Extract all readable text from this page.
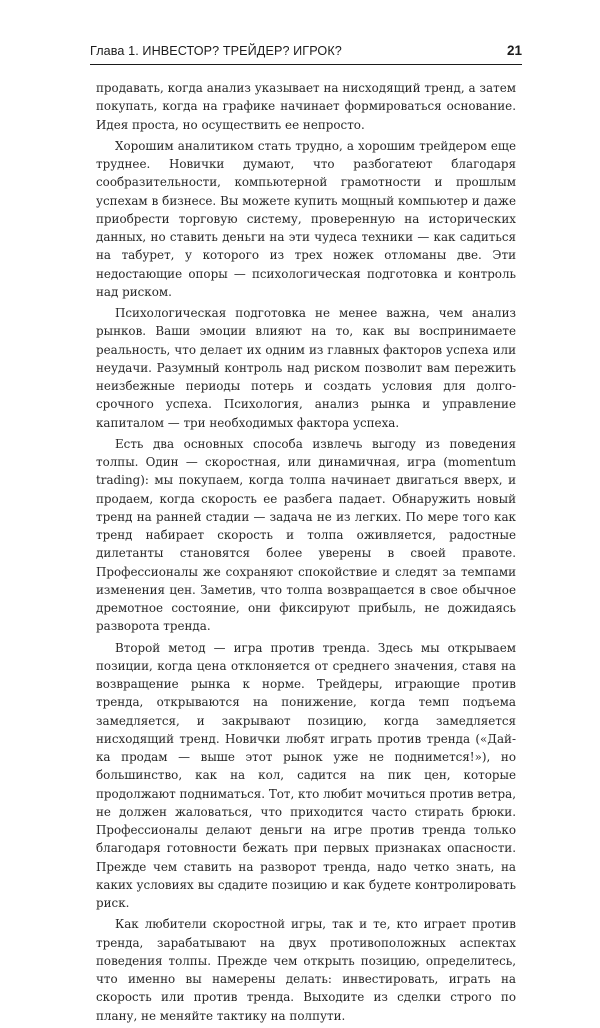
Глава 1. ИНВЕСТОР? ТРЕЙДЕР? ИГРОК?	21

продавать, когда анализ указывает на нисходящий тренд, а затем покупать, когда на графике начинает формироваться основание. Идея проста, но осуществить ее непросто.

Хорошим аналитиком стать трудно, а хорошим трейдером еще труднее. Новички думают, что разбогатеют благодаря сообразительности, компьютерной грамотности и прошлым успехам в бизнесе. Вы можете купить мощный компьютер и даже приобрести торговую систему, проверенную на исторических данных, но ставить деньги на эти чудеса техники — как садиться на табурет, у которого из трех ножек отломаны две. Эти недостающие опоры — психологическая подготовка и контроль над риском.

Психологическая подготовка не менее важна, чем анализ рынков. Ваши эмоции влияют на то, как вы воспринимаете реальность, что делает их одним из главных факторов успеха или неудачи. Разумный контроль над риском позволит вам пережить неизбежные периоды потерь и создать условия для долгосрочного успеха. Психология, анализ рынка и управление капиталом — три необходимых фактора успеха.

Есть два основных способа извлечь выгоду из поведения толпы. Один — скоростная, или динамичная, игра (momentum trading): мы покупаем, когда толпа начинает двигаться вверх, и продаем, когда скорость ее разбега падает. Обнаружить новый тренд на ранней стадии — задача не из легких. По мере того как тренд набирает скорость и толпа оживляется, радостные дилетанты становятся более уверены в своей правоте. Профессионалы же сохраняют спокойствие и следят за темпами изменения цен. Заметив, что толпа возвращается в свое обычное дремотное состояние, они фиксируют прибыль, не дожидаясь разворота тренда.

Второй метод — игра против тренда. Здесь мы открываем позиции, когда цена отклоняется от среднего значения, ставя на возвращение рынка к норме. Трейдеры, играющие против тренда, открываются на понижение, когда темп подъема замедляется, и закрывают позицию, когда замедляется нисходящий тренд. Новички любят играть против тренда («Дай-ка продам — выше этот рынок уже не поднимется!»), но большинство, как на кол, садится на пик цен, которые продолжают подниматься. Тот, кто любит мочиться против ветра, не должен жаловаться, что приходится часто стирать брюки. Профессионалы делают деньги на игре против тренда только благодаря готовности бежать при первых признаках опасности. Прежде чем ставить на разворот тренда, надо четко знать, на каких условиях вы сдадите позицию и как будете контролировать риск.

Как любители скоростной игры, так и те, кто играет против тренда, зарабатывают на двух противоположных аспектах поведения толпы. Прежде чем открыть позицию, определитесь, что именно вы намерены делать: инвестировать, играть на скорость или против тренда. Выходите из сделки строго по плану, не меняйте тактику на полпути.
